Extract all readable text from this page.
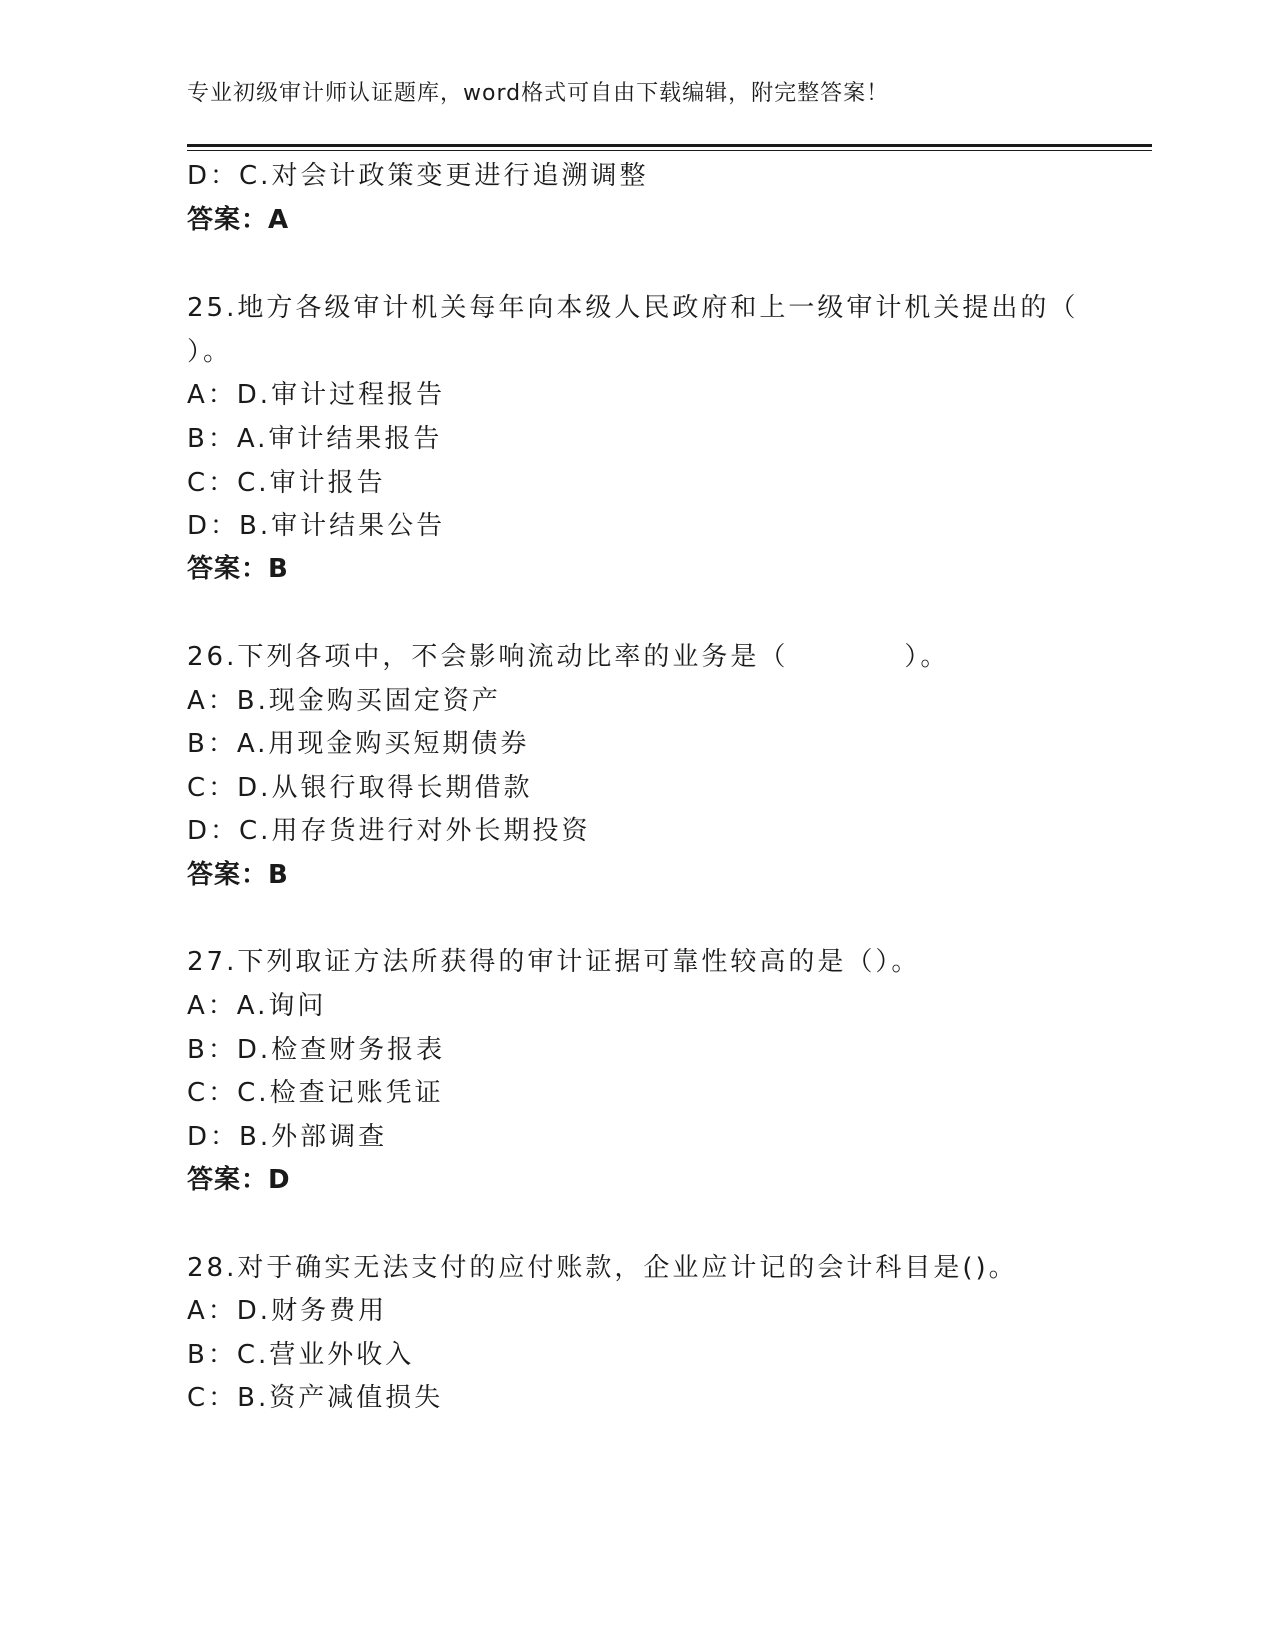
专业初级审计师认证题库，word格式可自由下载编辑，附完整答案！
D：C.对会计政策变更进行追溯调整
答案：A
25.地方各级审计机关每年向本级人民政府和上一级审计机关提出的（
）。
A：D.审计过程报告
B：A.审计结果报告
C：C.审计报告
D：B.审计结果公告
答案：B
26.下列各项中，不会影响流动比率的业务是（　　　　）。
A：B.现金购买固定资产
B：A.用现金购买短期债券
C：D.从银行取得长期借款
D：C.用存货进行对外长期投资
答案：B
27.下列取证方法所获得的审计证据可靠性较高的是（）。
A：A.询问
B：D.检查财务报表
C：C.检查记账凭证
D：B.外部调查
答案：D
28.对于确实无法支付的应付账款，企业应计记的会计科目是()。
A：D.财务费用
B：C.营业外收入
C：B.资产减值损失
